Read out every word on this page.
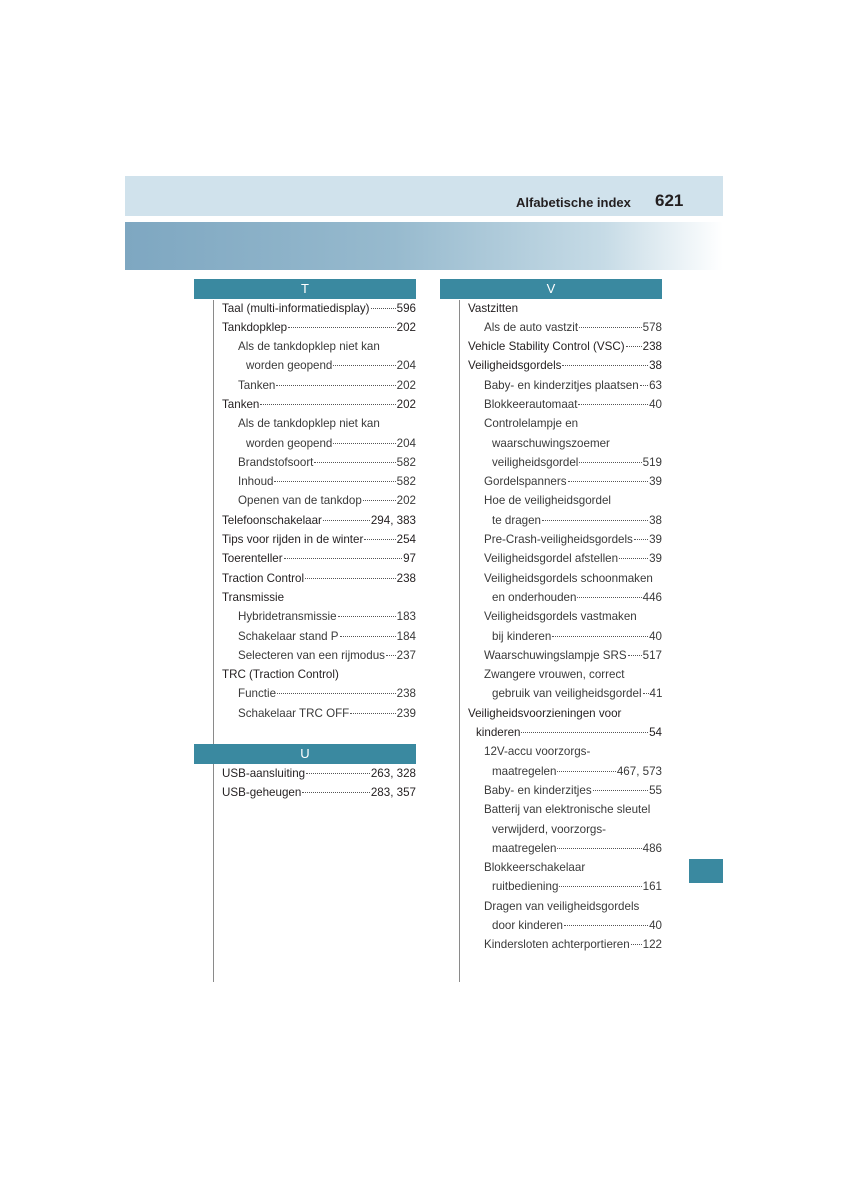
Alfabetische index 621
T
Taal (multi-informatiedisplay) 596
Tankdopklep	202
Als de tankdopklep niet kan
worden geopend	204
Tanken	202
Tanken	202
Als de tankdopklep niet kan
worden geopend	204
Brandstofsoort	582
Inhoud	582
Openen van de tankdop	202
Telefoonschakelaar	294, 383
Tips voor rijden in de winter	254
Toerenteller	97
Traction Control	238
Transmissie
Hybridetransmissie	183
Schakelaar stand P	184
Selecteren van een rijmodus 237
TRC (Traction Control)
Functie	238
Schakelaar TRC OFF	239
U
USB-aansluiting	263, 328
USB-geheugen	283, 357
V
Vastzitten
Als de auto vastzit	578
Vehicle Stability Control (VSC) 238
Veiligheidsgordels	38
Baby- en kinderzitjes plaatsen 63
Blokkeerautomaat	40
Controlelampje en
waarschuwingszoemer
veiligheidsgordel	519
Gordelspanners	39
Hoe de veiligheidsgordel
te dragen	38
Pre-Crash-veiligheidsgordels 39
Veiligheidsgordel afstellen	39
Veiligheidsgordels schoonmaken
en onderhouden	446
Veiligheidsgordels vastmaken
bij kinderen	40
Waarschuwingslampje SRS 517
Zwangere vrouwen, correct
gebruik van veiligheidsgordel 41
Veiligheidsvoorzieningen voor
kinderen	54
12V-accu voorzorgs-
maatregelen	467, 573
Baby- en kinderzitjes	55
Batterij van elektronische sleutel
verwijderd, voorzorgs-
maatregelen	486
Blokkeerschakelaar
ruitbediening	161
Dragen van veiligheidsgordels
door kinderen	40
Kindersloten achterportieren 122
